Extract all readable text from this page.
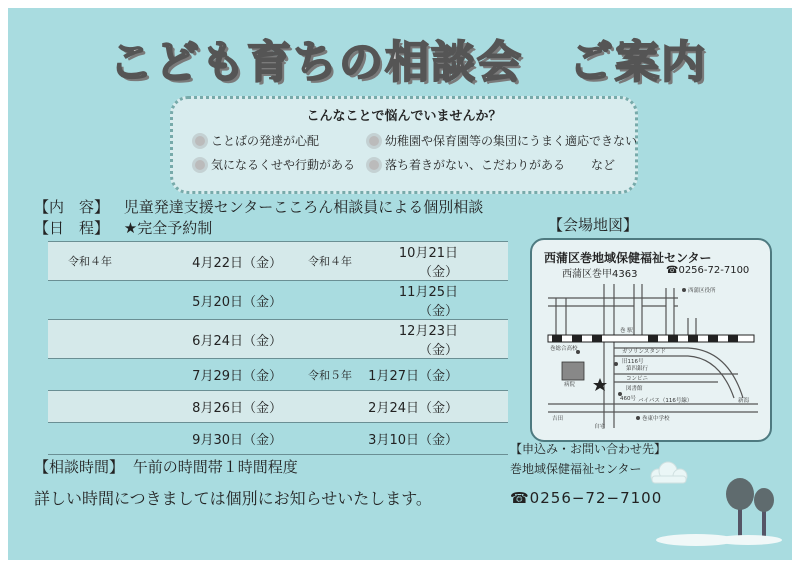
こども育ちの相談会　ご案内
こんなことで悩んでいませんか？
ことばの発達が心配	幼稚園や保育園等の集団にうまく適応できない
気になるくせや行動がある	落ち着きがない、こだわりがある など
【内　容】 児童発達支援センターこころん相談員による個別相談
【日　程】 ★完全予約制
令和４年	4月22日（金）	令和４年	10月21日（金）
	5月20日（金）		11月25日（金）
	6月24日（金）		12月23日（金）
	7月29日（金）	令和５年	1月27日（金）
	8月26日（金）		2月24日（金）
	9月30日（金）		3月10日（金）
【相談時間】 午前の時間帯１時間程度
詳しい時間につきましては個別にお知らせいたします。
【会場地図】
西蒲区巻地域保健福祉センター
西蒲区巻甲4363	☎0256-72-7100
西蒲区役所
巻 駅
旧116号
ガソリンスタンド
第四銀行
コンビニ
図書館
460号
病院
バイパス（116号線）
吉田
巻総合高校
巻東中学校
新潟
自宅
【申込み・お問い合わせ先】
巻地域保健福祉センター
☎0256−72−7100
